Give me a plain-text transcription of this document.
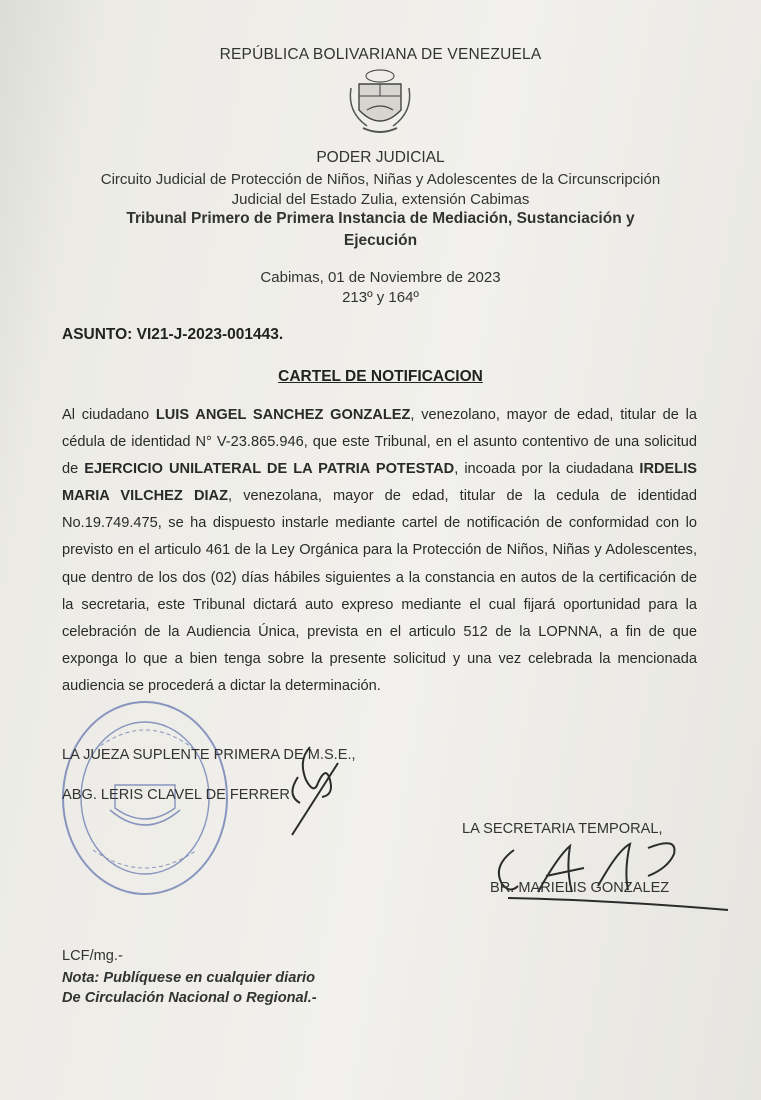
REPÚBLICA BOLIVARIANA DE VENEZUELA
PODER JUDICIAL
Circuito Judicial de Protección de Niños, Niñas y Adolescentes de la Circunscripción
Judicial del Estado Zulia, extensión Cabimas
Tribunal Primero de Primera Instancia de Mediación, Sustanciación y
Ejecución
Cabimas, 01 de Noviembre de 2023
213º y 164º
ASUNTO: VI21-J-2023-001443.
CARTEL DE NOTIFICACION
Al ciudadano LUIS ANGEL SANCHEZ GONZALEZ, venezolano, mayor de edad, titular de la cédula de identidad N° V-23.865.946, que este Tribunal, en el asunto contentivo de una solicitud de EJERCICIO UNILATERAL DE LA PATRIA POTESTAD, incoada por la ciudadana IRDELIS MARIA VILCHEZ DIAZ, venezolana, mayor de edad, titular de la cedula de identidad No.19.749.475, se ha dispuesto instarle mediante cartel de notificación de conformidad con lo previsto en el articulo 461 de la Ley Orgánica para la Protección de Niños, Niñas y Adolescentes, que dentro de los dos (02) días hábiles siguientes a la constancia en autos de la certificación de la secretaria, este Tribunal dictará auto expreso mediante el cual fijará oportunidad para la celebración de la Audiencia Única, prevista en el articulo 512 de la LOPNNA, a fin de que exponga lo que a bien tenga sobre la presente solicitud y una vez celebrada la mencionada audiencia se procederá a dictar la determinación.
LA JUEZA SUPLENTE PRIMERA DE M.S.E.,
ABG. LERIS CLAVEL DE FERRER
LA SECRETARIA TEMPORAL,
BR. MARIELIS GONZALEZ
LCF/mg.-
Nota: Publíquese en cualquier diario
De Circulación Nacional o Regional.-
